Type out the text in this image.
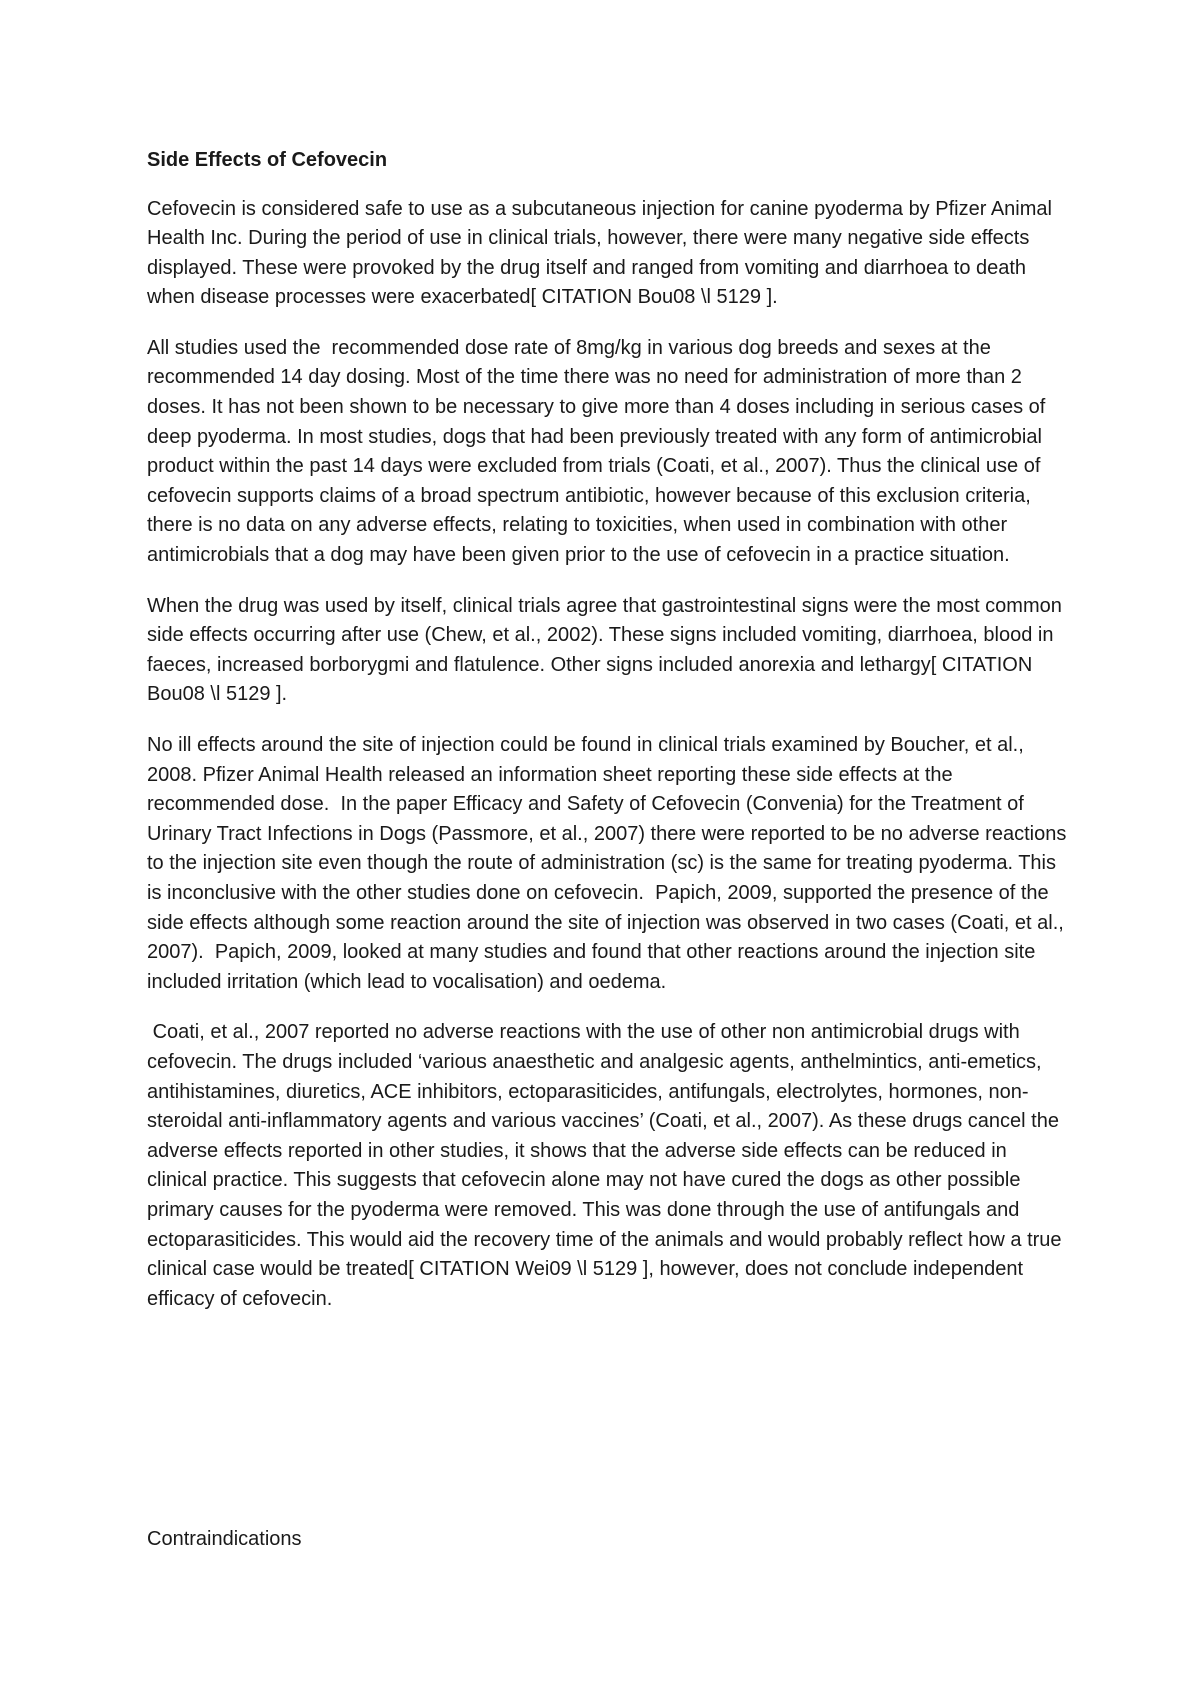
Side Effects of Cefovecin

Cefovecin is considered safe to use as a subcutaneous injection for canine pyoderma by Pfizer Animal Health Inc. During the period of use in clinical trials, however, there were many negative side effects displayed. These were provoked by the drug itself and ranged from vomiting and diarrhoea to death when disease processes were exacerbated[ CITATION Bou08 \l 5129 ].

All studies used the  recommended dose rate of 8mg/kg in various dog breeds and sexes at the recommended 14 day dosing. Most of the time there was no need for administration of more than 2 doses. It has not been shown to be necessary to give more than 4 doses including in serious cases of deep pyoderma. In most studies, dogs that had been previously treated with any form of antimicrobial product within the past 14 days were excluded from trials (Coati, et al., 2007). Thus the clinical use of cefovecin supports claims of a broad spectrum antibiotic, however because of this exclusion criteria, there is no data on any adverse effects, relating to toxicities, when used in combination with other antimicrobials that a dog may have been given prior to the use of cefovecin in a practice situation.

When the drug was used by itself, clinical trials agree that gastrointestinal signs were the most common side effects occurring after use (Chew, et al., 2002). These signs included vomiting, diarrhoea, blood in faeces, increased borborygmi and flatulence. Other signs included anorexia and lethargy[ CITATION Bou08 \l 5129 ].

No ill effects around the site of injection could be found in clinical trials examined by Boucher, et al., 2008. Pfizer Animal Health released an information sheet reporting these side effects at the recommended dose.  In the paper Efficacy and Safety of Cefovecin (Convenia) for the Treatment of Urinary Tract Infections in Dogs (Passmore, et al., 2007) there were reported to be no adverse reactions to the injection site even though the route of administration (sc) is the same for treating pyoderma. This is inconclusive with the other studies done on cefovecin.  Papich, 2009, supported the presence of the side effects although some reaction around the site of injection was observed in two cases (Coati, et al., 2007).  Papich, 2009, looked at many studies and found that other reactions around the injection site included irritation (which lead to vocalisation) and oedema.

Coati, et al., 2007 reported no adverse reactions with the use of other non antimicrobial drugs with cefovecin. The drugs included ‘various anaesthetic and analgesic agents, anthelmintics, anti-emetics, antihistamines, diuretics, ACE inhibitors, ectoparasiticides, antifungals, electrolytes, hormones, non-steroidal anti-inflammatory agents and various vaccines’ (Coati, et al., 2007). As these drugs cancel the adverse effects reported in other studies, it shows that the adverse side effects can be reduced in clinical practice. This suggests that cefovecin alone may not have cured the dogs as other possible primary causes for the pyoderma were removed. This was done through the use of antifungals and ectoparasiticides. This would aid the recovery time of the animals and would probably reflect how a true clinical case would be treated[ CITATION Wei09 \l 5129 ], however, does not conclude independent efficacy of cefovecin.

Contraindications
